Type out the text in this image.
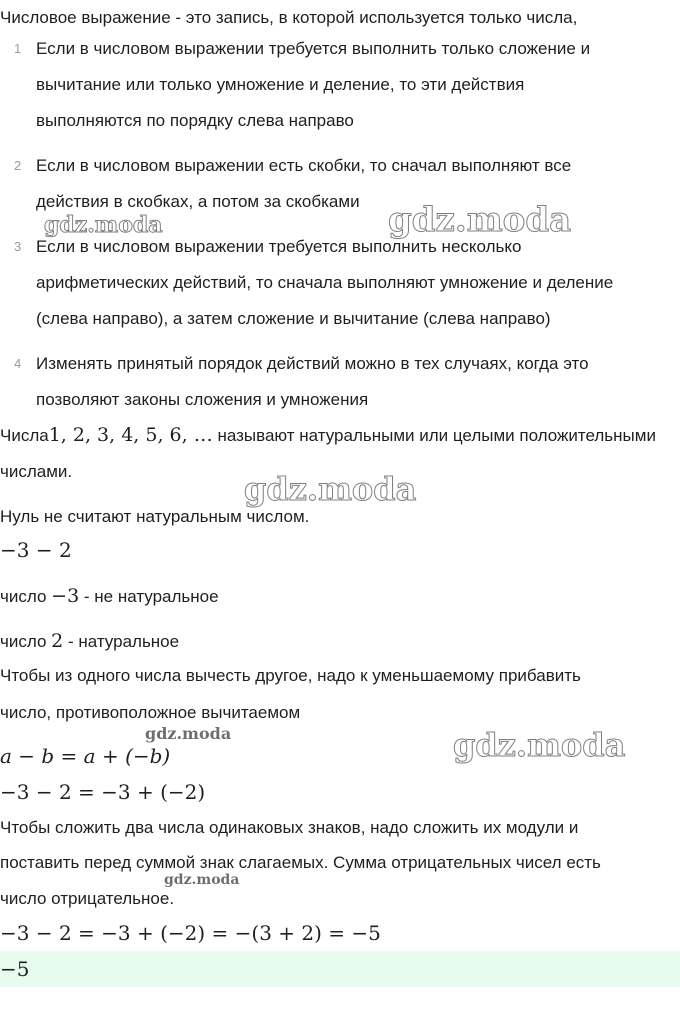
Числовое выражение - это запись, в которой используется только числа,
1 Если в числовом выражении требуется выполнить только сложение и
вычитание или только умножение и деление, то эти действия
выполняются по порядку слева направо
2 Если в числовом выражении есть скобки, то сначал выполняют все
действия в скобках, а потом за скобками
3 Если в числовом выражении требуется выполнить несколько
арифметических действий, то сначала выполняют умножение и деление
(слева направо), а затем сложение и вычитание (слева направо)
4 Изменять принятый порядок действий можно в тех случаях, когда это
позволяют законы сложения и умножения
Числа1, 2, 3, 4, 5, 6, … называют натуральными или целыми положительными
числами.
Нуль не считают натуральным числом.
−3 − 2
число −3 - не натуральное
число 2 - натуральное
Чтобы из одного числа вычесть другое, надо к уменьшаемому прибавить
число, противоположное вычитаемом
a − b = a + (−b)
−3 − 2 = −3 + (−2)
Чтобы сложить два числа одинаковых знаков, надо сложить их модули и
поставить перед суммой знак слагаемых. Сумма отрицательных чисел есть
число отрицательное.
−3 − 2 = −3 + (−2) = −(3 + 2) = −5
−5
gdz.moda	gdz.moda
gdz.moda
gdz.moda
gdz.moda
gdz.moda
